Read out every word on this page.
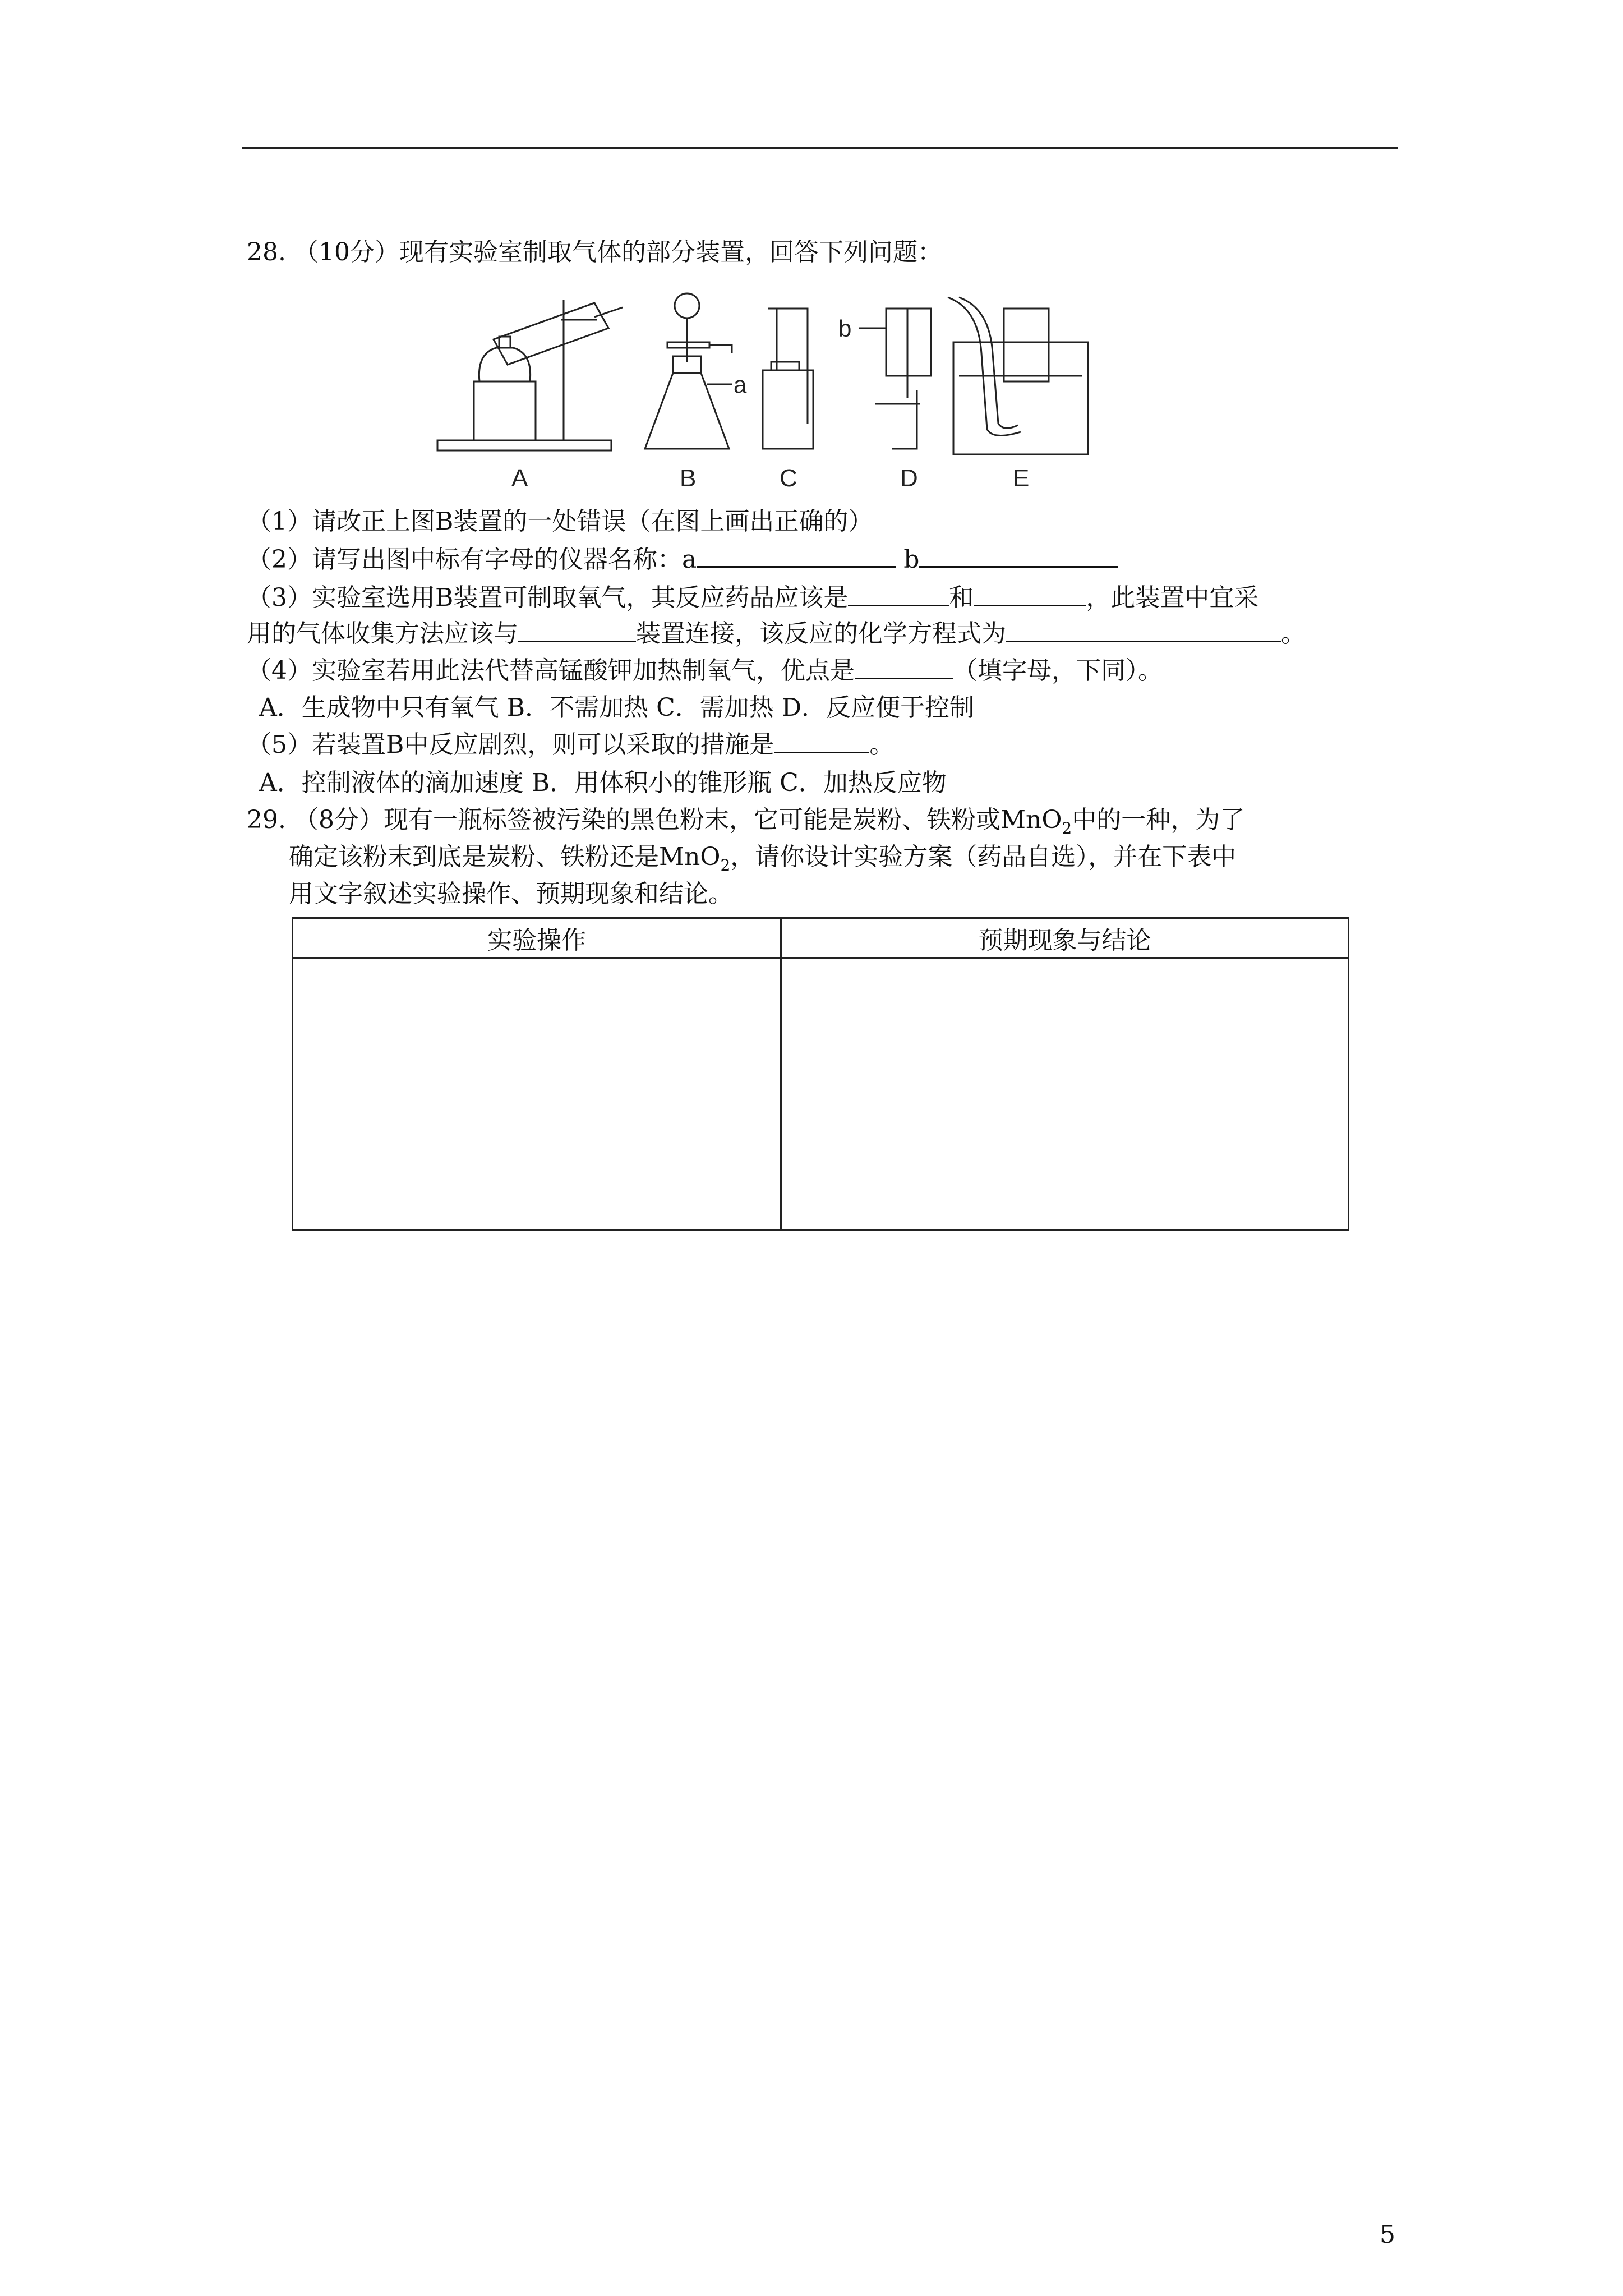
28. （10分）现有实验室制取气体的部分装置，回答下列问题：
a
b
A	B	C	D	E
（1）请改正上图B装置的一处错误（在图上画出正确的）
（2）请写出图中标有字母的仪器名称：a	b
（3）实验室选用B装置可制取氧气，其反应药品应该是	和	，此装置中宜采
用的气体收集方法应该与	装置连接，该反应的化学方程式为	。
（4）实验室若用此法代替高锰酸钾加热制氧气，优点是	（填字母，下同）。
A．生成物中只有氧气 B．不需加热 C．需加热 D．反应便于控制
（5）若装置B中反应剧烈，则可以采取的措施是	。
A．控制液体的滴加速度 B．用体积小的锥形瓶 C．加热反应物
29. （8分）现有一瓶标签被污染的黑色粉末，它可能是炭粉、铁粉或MnO$_2$中的一种，为了
确定该粉末到底是炭粉、铁粉还是MnO$_2$，请你设计实验方案（药品自选），并在下表中
用文字叙述实验操作、预期现象和结论。
实验操作	预期现象与结论

5
